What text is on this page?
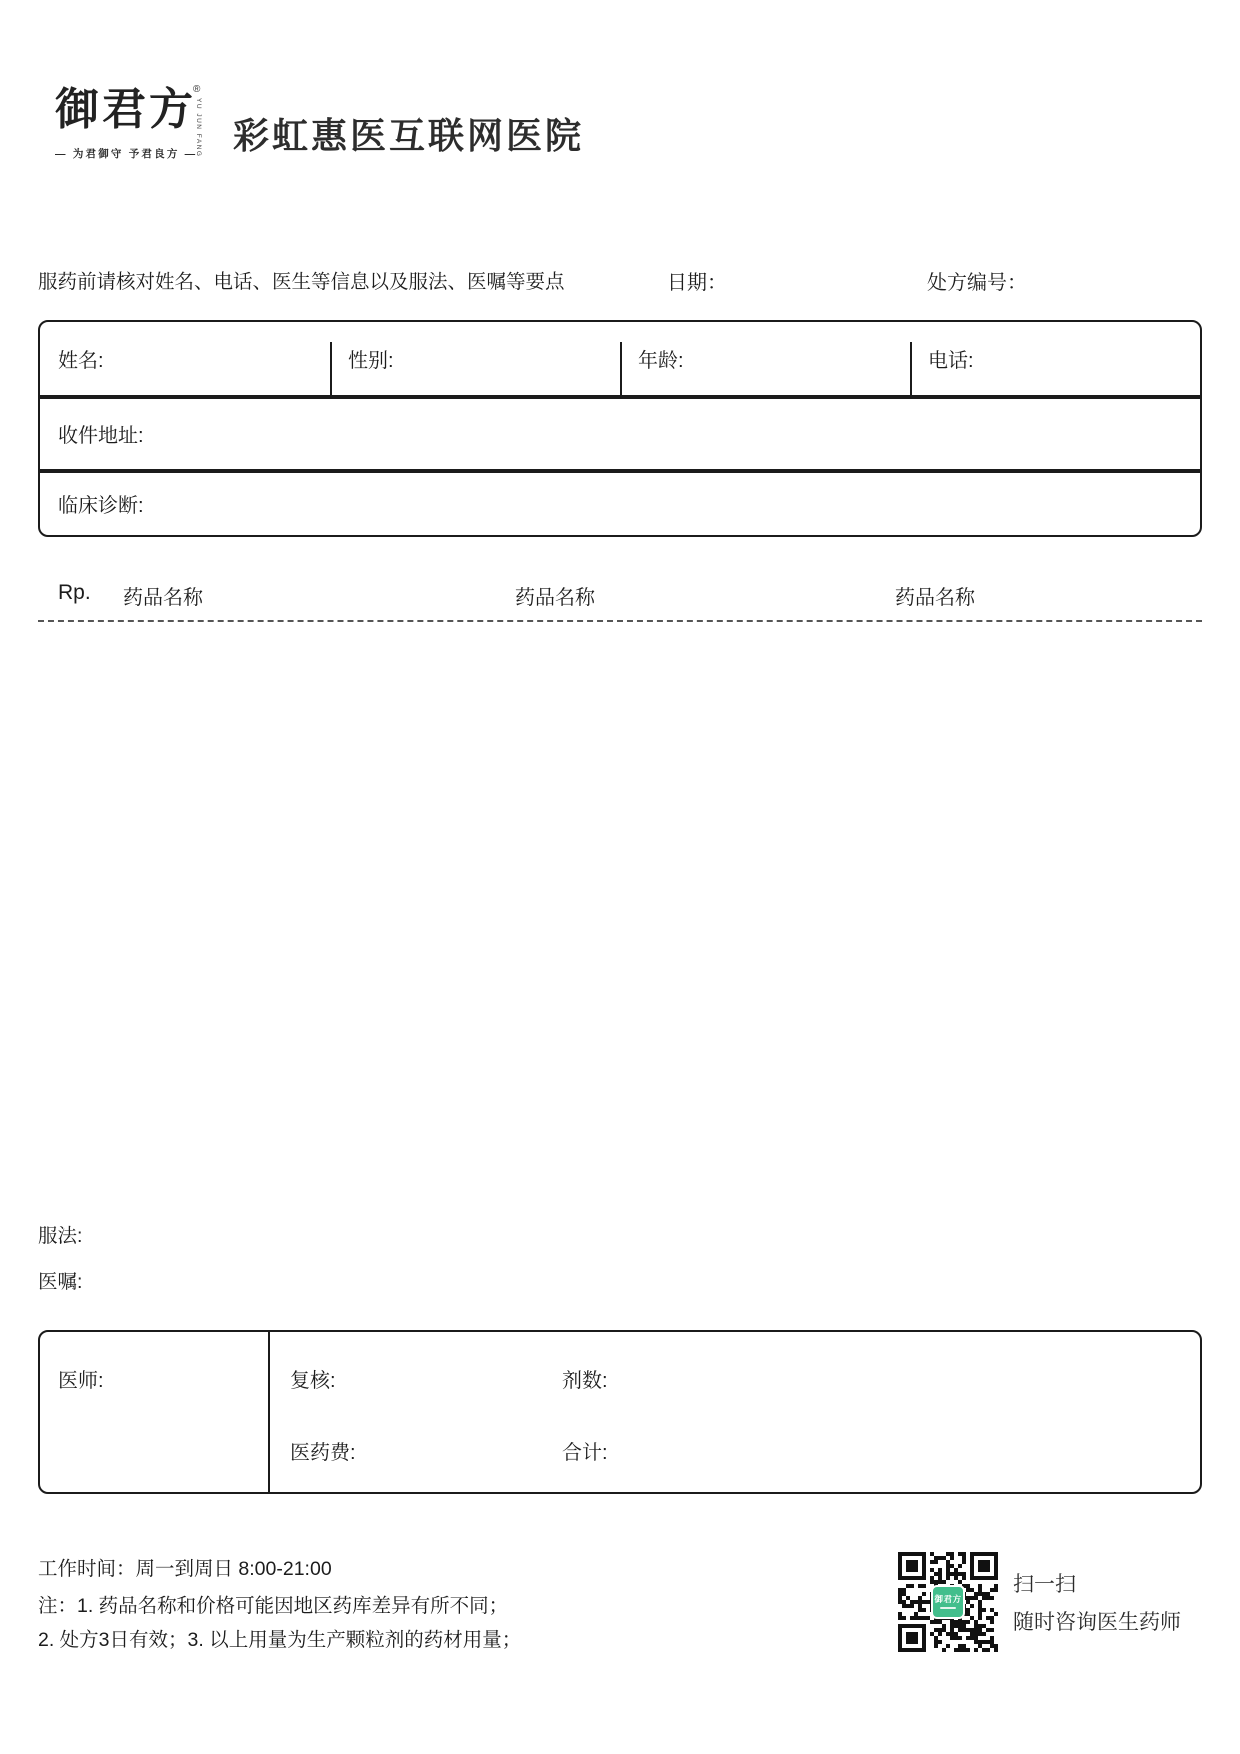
御君方
®
YU JUN FANG
— 为君御守 予君良方 — 彩虹惠医互联网医院
服药前请核对姓名、电话、医生等信息以及服法、医嘱等要点	日期：	处方编号：
姓名:	性别:	年龄:	电话:
收件地址:
临床诊断:
Rp. 药品名称	药品名称	药品名称
服法:
医嘱:
医师:	复核:	剂数:
医药费:	合计:
工作时间：周一到周日 8:00-21:00
注：1. 药品名称和价格可能因地区药库差异有所不同；
2. 处方3日有效；3. 以上用量为生产颗粒剂的药材用量；
御君方
扫一扫
随时咨询医生药师
